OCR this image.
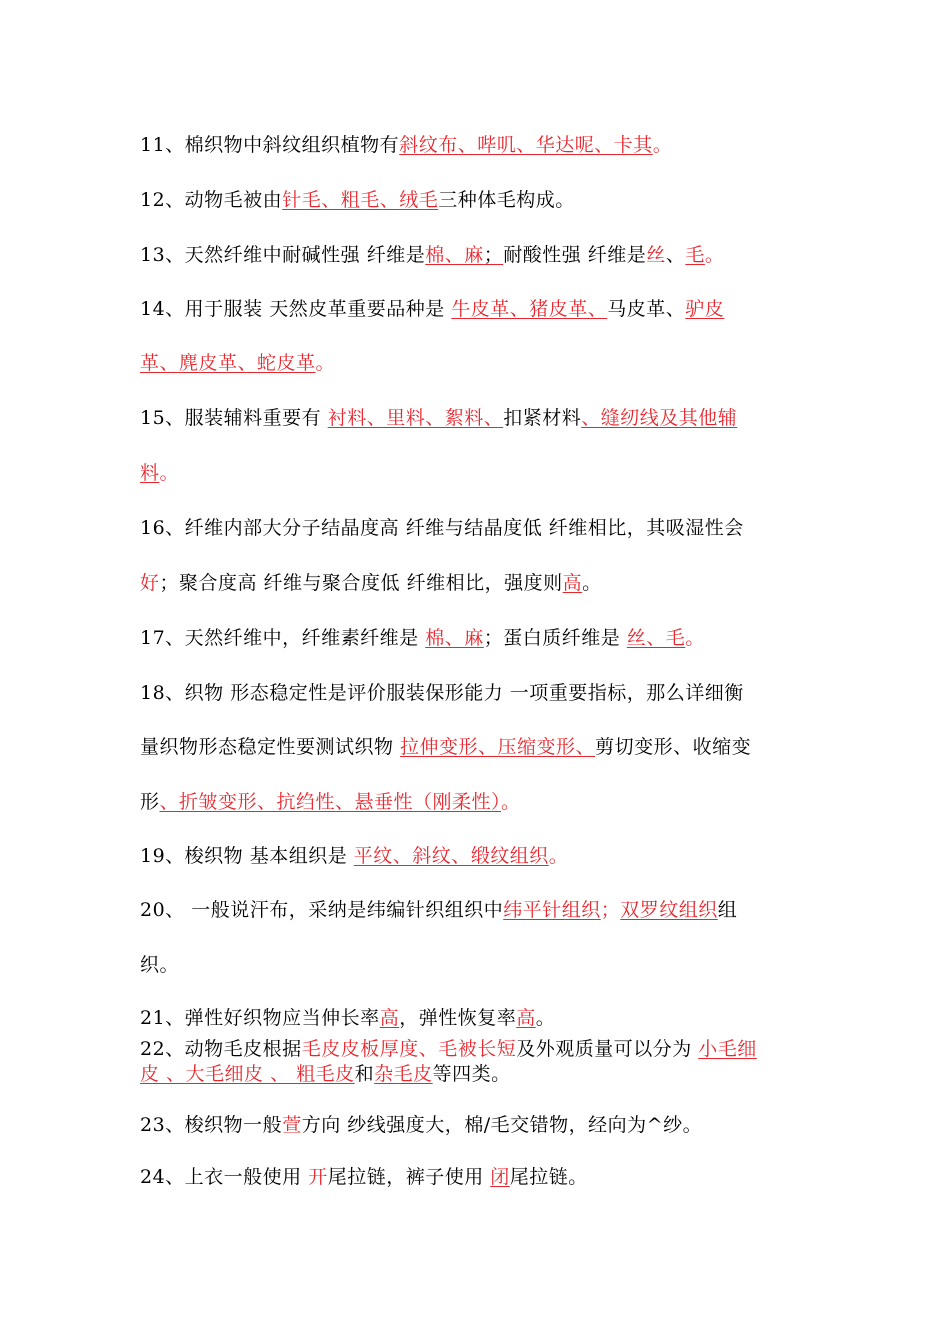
11、棉织物中斜纹组织植物有斜纹布、哔叽、华达呢、卡其。
12、动物毛被由针毛、粗毛、绒毛三种体毛构成。
13、天然纤维中耐碱性强 纤维是棉、麻；耐酸性强 纤维是丝、毛。
14、用于服装 天然皮革重要品种是 牛皮革、猪皮革、马皮革、驴皮
革、麂皮革、蛇皮革。
15、服装辅料重要有 衬料、里料、絮料、扣紧材料、缝纫线及其他辅
料。
16、纤维内部大分子结晶度高 纤维与结晶度低 纤维相比，其吸湿性会
好；聚合度高 纤维与聚合度低 纤维相比，强度则高。
17、天然纤维中，纤维素纤维是 棉、麻；蛋白质纤维是 丝、毛。
18、织物 形态稳定性是评价服装保形能力 一项重要指标，那么详细衡
量织物形态稳定性要测试织物 拉伸变形、压缩变形、剪切变形、收缩变
形、折皱变形、抗绉性、悬垂性（刚柔性）。
19、梭织物 基本组织是 平纹、斜纹、缎纹组织。
20、 一般说汗布，采纳是纬编针织组织中纬平针组织；双罗纹组织组
织。
21、弹性好织物应当伸长率高，弹性恢复率高。
22、动物毛皮根据毛皮皮板厚度、毛被长短及外观质量可以分为 小毛细
皮 、大毛细皮 、 粗毛皮和杂毛皮等四类。
23、梭织物一般萱方向 纱线强度大，棉/毛交错物，经向为^纱。
24、上衣一般使用 开尾拉链，裤子使用 闭尾拉链。
